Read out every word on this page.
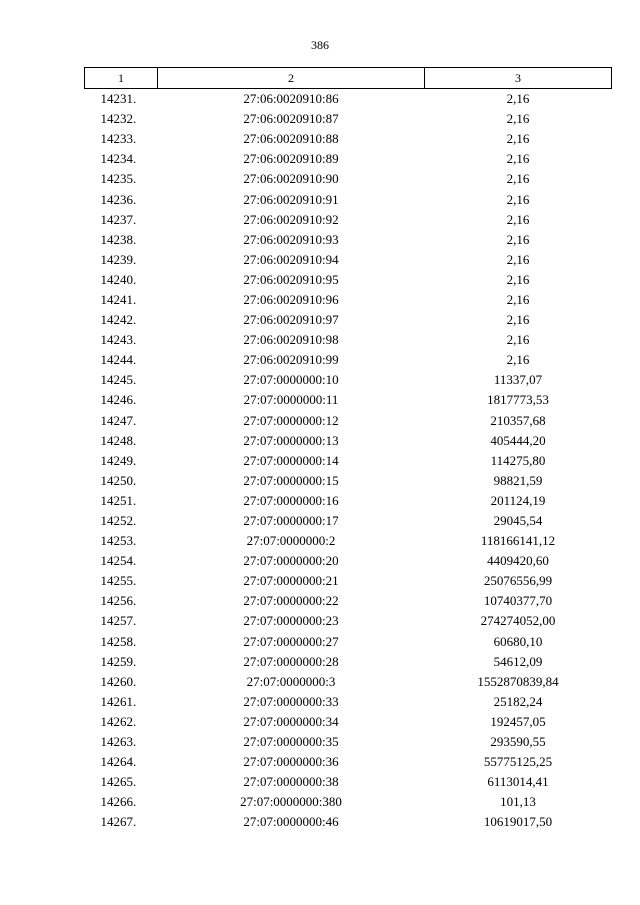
386
1	2	3
14231.	27:06:0020910:86	2,16
14232.	27:06:0020910:87	2,16
14233.	27:06:0020910:88	2,16
14234.	27:06:0020910:89	2,16
14235.	27:06:0020910:90	2,16
14236.	27:06:0020910:91	2,16
14237.	27:06:0020910:92	2,16
14238.	27:06:0020910:93	2,16
14239.	27:06:0020910:94	2,16
14240.	27:06:0020910:95	2,16
14241.	27:06:0020910:96	2,16
14242.	27:06:0020910:97	2,16
14243.	27:06:0020910:98	2,16
14244.	27:06:0020910:99	2,16
14245.	27:07:0000000:10	11337,07
14246.	27:07:0000000:11	1817773,53
14247.	27:07:0000000:12	210357,68
14248.	27:07:0000000:13	405444,20
14249.	27:07:0000000:14	114275,80
14250.	27:07:0000000:15	98821,59
14251.	27:07:0000000:16	201124,19
14252.	27:07:0000000:17	29045,54
14253.	27:07:0000000:2	118166141,12
14254.	27:07:0000000:20	4409420,60
14255.	27:07:0000000:21	25076556,99
14256.	27:07:0000000:22	10740377,70
14257.	27:07:0000000:23	274274052,00
14258.	27:07:0000000:27	60680,10
14259.	27:07:0000000:28	54612,09
14260.	27:07:0000000:3	1552870839,84
14261.	27:07:0000000:33	25182,24
14262.	27:07:0000000:34	192457,05
14263.	27:07:0000000:35	293590,55
14264.	27:07:0000000:36	55775125,25
14265.	27:07:0000000:38	6113014,41
14266.	27:07:0000000:380	101,13
14267.	27:07:0000000:46	10619017,50
